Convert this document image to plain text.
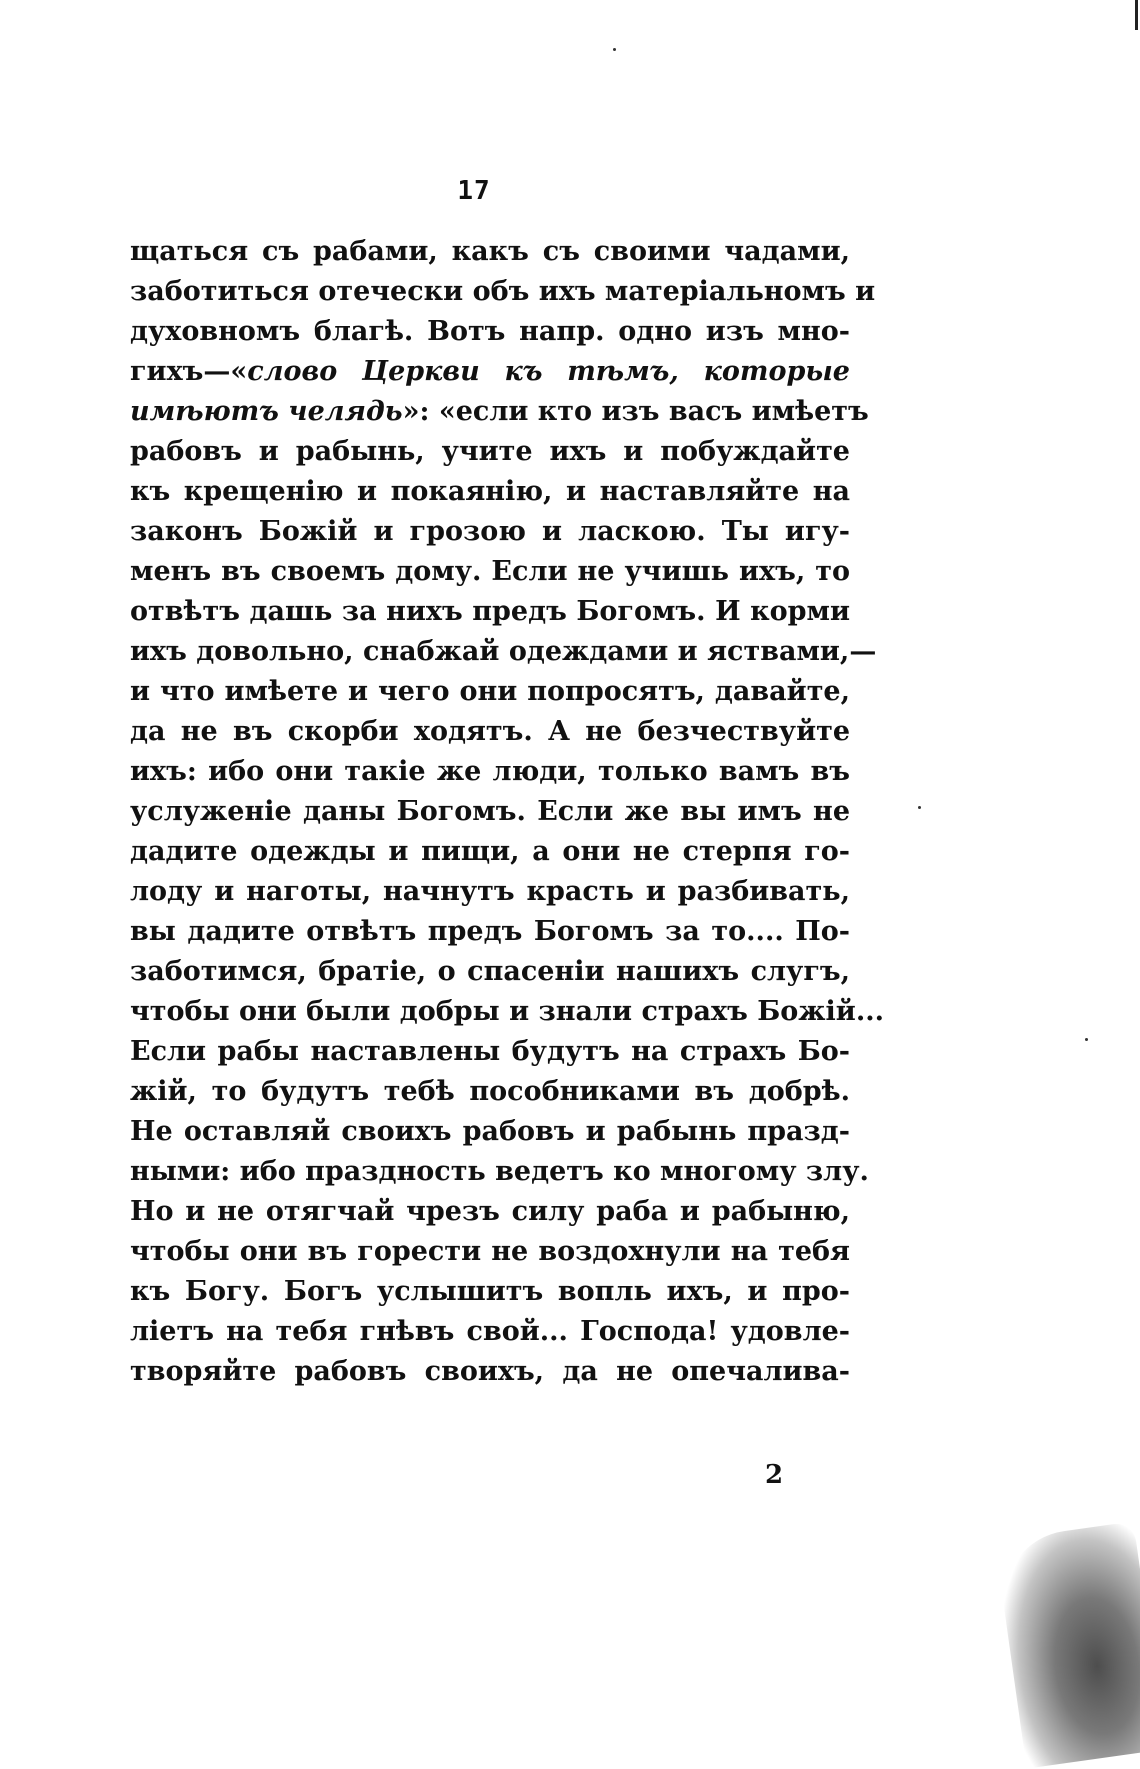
17
щаться съ рабами, какъ съ своими чадами,
заботиться отечески объ ихъ матеріальномъ и
духовномъ благѣ. Вотъ напр. одно изъ мно-
гихъ—«слово Церкви къ тѣмъ, которые
имѣютъ челядь»: «если кто изъ васъ имѣетъ
рабовъ и рабынь, учите ихъ и побуждайте
къ крещенію и покаянію, и наставляйте на
законъ Божій и грозою и ласкою. Ты игу-
менъ въ своемъ дому. Если не учишь ихъ, то
отвѣтъ дашь за нихъ предъ Богомъ. И корми
ихъ довольно, снабжай одеждами и яствами,—
и что имѣете и чего они попросятъ, давайте,
да не въ скорби ходятъ. А не безчествуйте
ихъ: ибо они такіе же люди, только вамъ въ
услуженіе даны Богомъ. Если же вы имъ не
дадите одежды и пищи, а они не стерпя го-
лоду и наготы, начнутъ красть и разбивать,
вы дадите отвѣтъ предъ Богомъ за то.... По-
заботимся, братіе, о спасеніи нашихъ слугъ,
чтобы они были добры и знали страхъ Божій...
Если рабы наставлены будутъ на страхъ Бо-
жій, то будутъ тебѣ пособниками въ добрѣ.
Не оставляй своихъ рабовъ и рабынь празд-
ными: ибо праздность ведетъ ко многому злу.
Но и не отягчай чрезъ силу раба и рабыню,
чтобы они въ горести не воздохнули на тебя
къ Богу. Богъ услышитъ вопль ихъ, и про-
ліетъ на тебя гнѣвъ свой... Господа! удовле-
творяйте рабовъ своихъ, да не опечалива-
2
